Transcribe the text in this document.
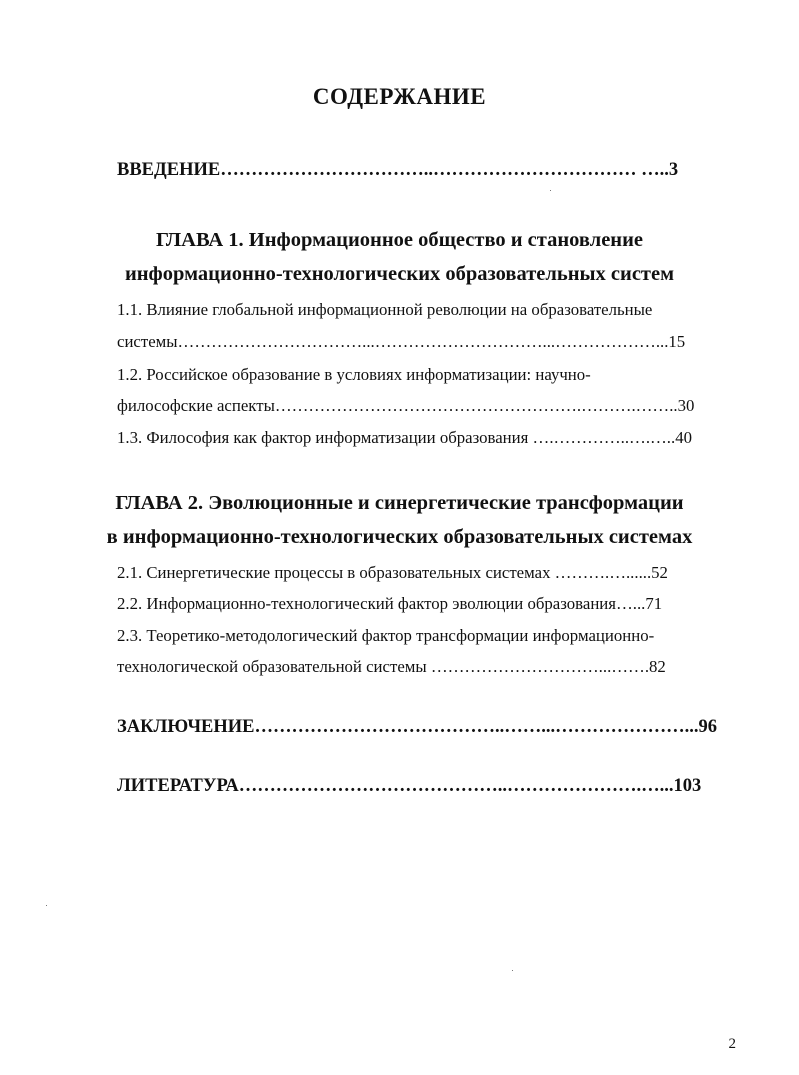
СОДЕРЖАНИЕ
ВВЕДЕНИЕ……………………………..…………………………… …..3
ГЛАВА 1. Информационное общество и становление
информационно-технологических образовательных систем
1.1. Влияние глобальной информационной революции на образовательные
системы……………………………...…………………………...………………...15
1.2. Российское образование в условиях информатизации: научно-
философские аспекты……………………………………………….……….……..30
1.3. Философия как фактор информатизации образования ….…………..….…..40
ГЛАВА 2. Эволюционные и синергетические трансформации
в информационно-технологических образовательных системах
2.1. Синергетические процессы в образовательных системах ……….…......52
2.2. Информационно-технологический фактор эволюции образования…...71
2.3. Теоретико-методологический фактор трансформации информационно-
технологической образовательной системы …………………………...…….82
ЗАКЛЮЧЕНИЕ…………………………………..……...…………………...96
ЛИТЕРАТУРА……………………………………..………………….…...103
2
